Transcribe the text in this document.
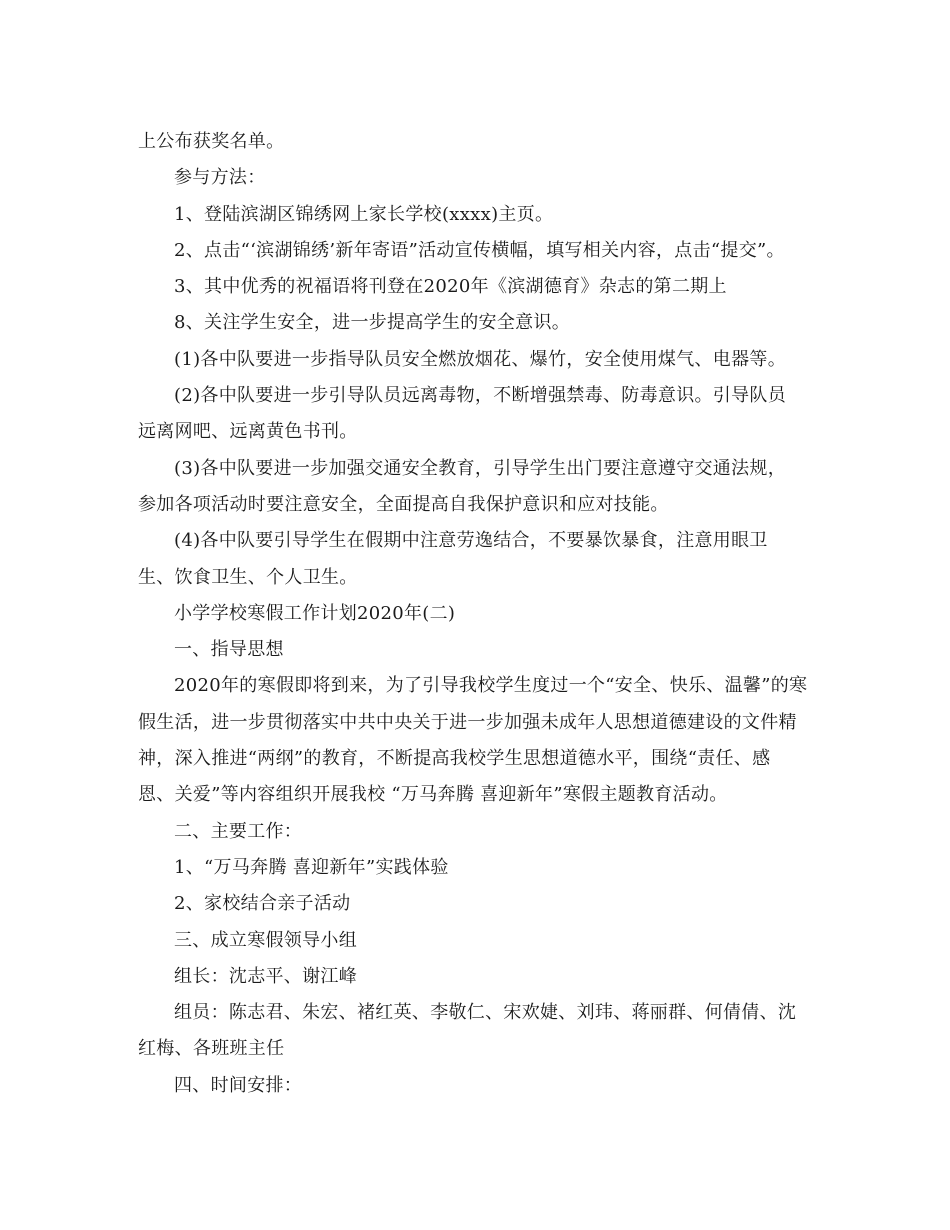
上公布获奖名单。
参与方法：
1、登陆滨湖区锦绣网上家长学校(xxxx)主页。
2、点击“‘滨湖锦绣’新年寄语”活动宣传横幅，填写相关内容，点击“提交”。
3、其中优秀的祝福语将刊登在2020年《滨湖德育》杂志的第二期上
8、关注学生安全，进一步提高学生的安全意识。
(1)各中队要进一步指导队员安全燃放烟花、爆竹，安全使用煤气、电器等。
(2)各中队要进一步引导队员远离毒物，不断增强禁毒、防毒意识。引导队员
远离网吧、远离黄色书刊。
(3)各中队要进一步加强交通安全教育，引导学生出门要注意遵守交通法规，
参加各项活动时要注意安全，全面提高自我保护意识和应对技能。
(4)各中队要引导学生在假期中注意劳逸结合，不要暴饮暴食，注意用眼卫
生、饮食卫生、个人卫生。
小学学校寒假工作计划2020年(二)
一、指导思想
2020年的寒假即将到来，为了引导我校学生度过一个“安全、快乐、温馨”的寒
假生活，进一步贯彻落实中共中央关于进一步加强未成年人思想道德建设的文件精
神，深入推进“两纲”的教育，不断提高我校学生思想道德水平，围绕“责任、感
恩、关爱”等内容组织开展我校 “万马奔腾 喜迎新年”寒假主题教育活动。
二、主要工作：
1、“万马奔腾 喜迎新年”实践体验
2、家校结合亲子活动
三、成立寒假领导小组
组长：沈志平、谢江峰
组员：陈志君、朱宏、褚红英、李敬仁、宋欢婕、刘玮、蒋丽群、何倩倩、沈
红梅、各班班主任
四、时间安排：
